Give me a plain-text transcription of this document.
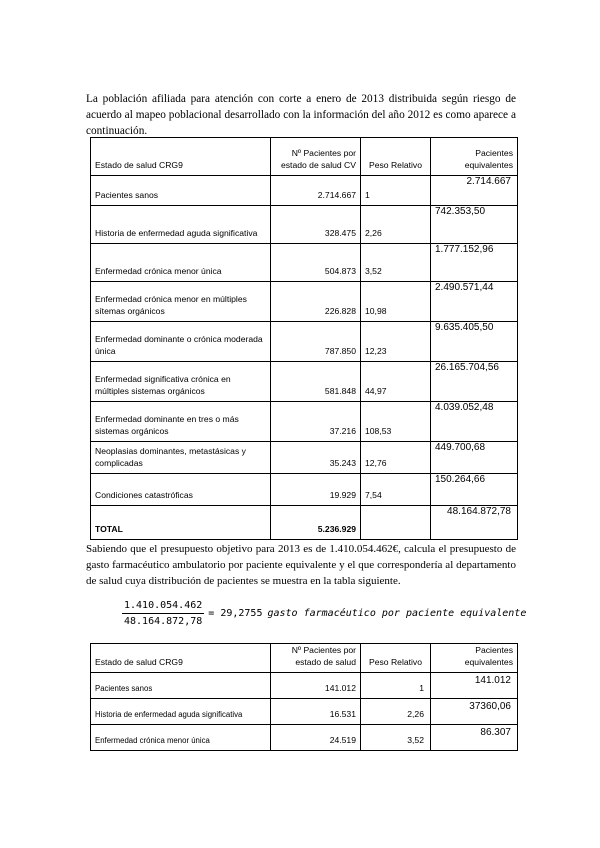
La población afiliada para atención con corte a enero de 2013 distribuida según riesgo de acuerdo al mapeo poblacional desarrollado con la información del año 2012 es como aparece a continuación.

Estado de salud CRG9	Nº Pacientes por estado de salud CV	Peso Relativo	Pacientes equivalentes
Pacientes sanos	2.714.667	1	2.714.667
Historia de enfermedad aguda significativa	328.475	2,26	742.353,50
Enfermedad crónica menor única	504.873	3,52	1.777.152,96
Enfermedad crónica menor en múltiples sítemas orgánicos	226.828	10,98	2.490.571,44
Enfermedad dominante o crónica moderada única	787.850	12,23	9.635.405,50
Enfermedad significativa crónica en múltiples sistemas orgánicos	581.848	44,97	26.165.704,56
Enfermedad dominante en tres o más sistemas orgánicos	37.216	108,53	4.039.052,48
Neoplasias dominantes, metastásicas y complicadas	35.243	12,76	449.700,68
Condiciones catastróficas	19.929	7,54	150.264,66
TOTAL	5.236.929		48.164.872,78

Sabiendo que el presupuesto objetivo para 2013 es de 1.410.054.462€, calcula el presupuesto de gasto farmacéutico ambulatorio por paciente equivalente y el que correspondería al departamento de salud cuya distribución de pacientes se muestra en la tabla siguiente.

$\frac{1.410.054.462}{48.164.872,78} = 29,2755$ gasto farmacéutico por paciente equivalente
Estado de salud CRG9	Nº Pacientes por estado de salud	Peso Relativo	Pacientes equivalentes
Pacientes sanos	141.012	1	141.012
Historia de enfermedad aguda significativa	16.531	2,26	37360,06
Enfermedad crónica menor única	24.519	3,52	86.307
